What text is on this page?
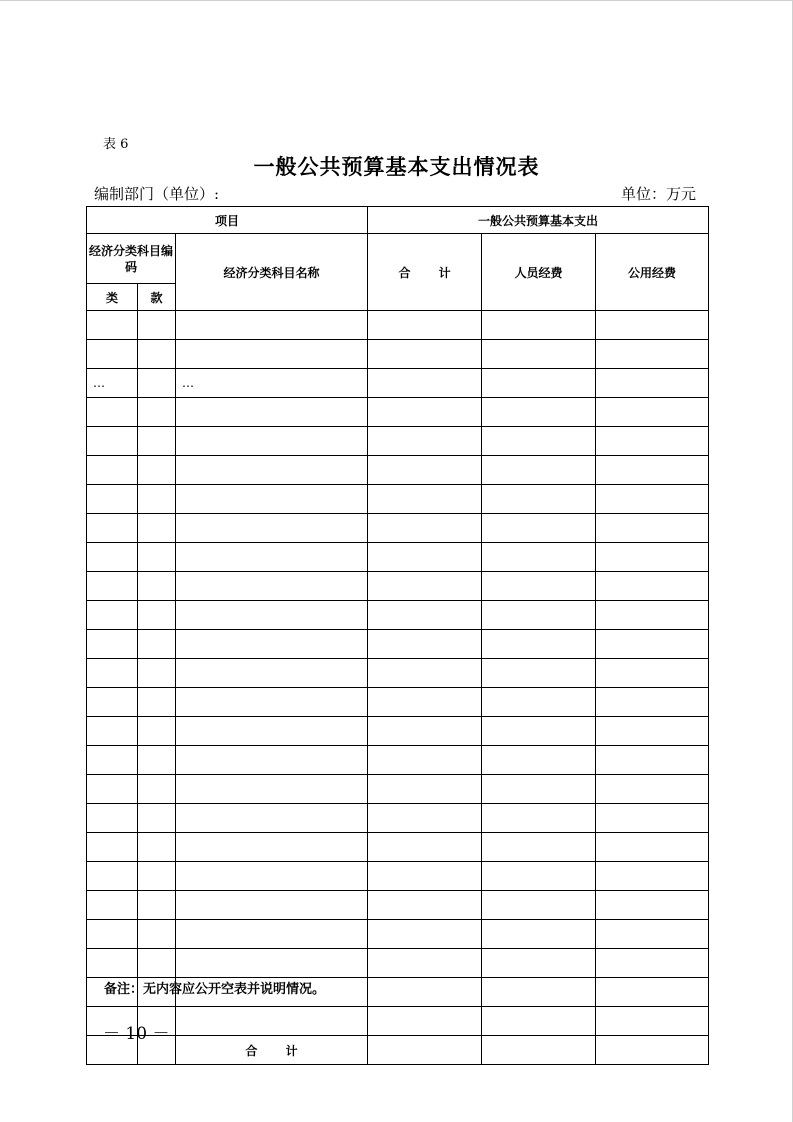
表 6
一般公共预算基本支出情况表
编制部门（单位）:	单位：万元
项目			一般公共预算基本支出		
经济分类科目编码		经济分类科目名称	合 计	人员经费	公用经费
类	款				

…		…			

		合 计			
备注：无内容应公开空表并说明情况。
－ 10 －
